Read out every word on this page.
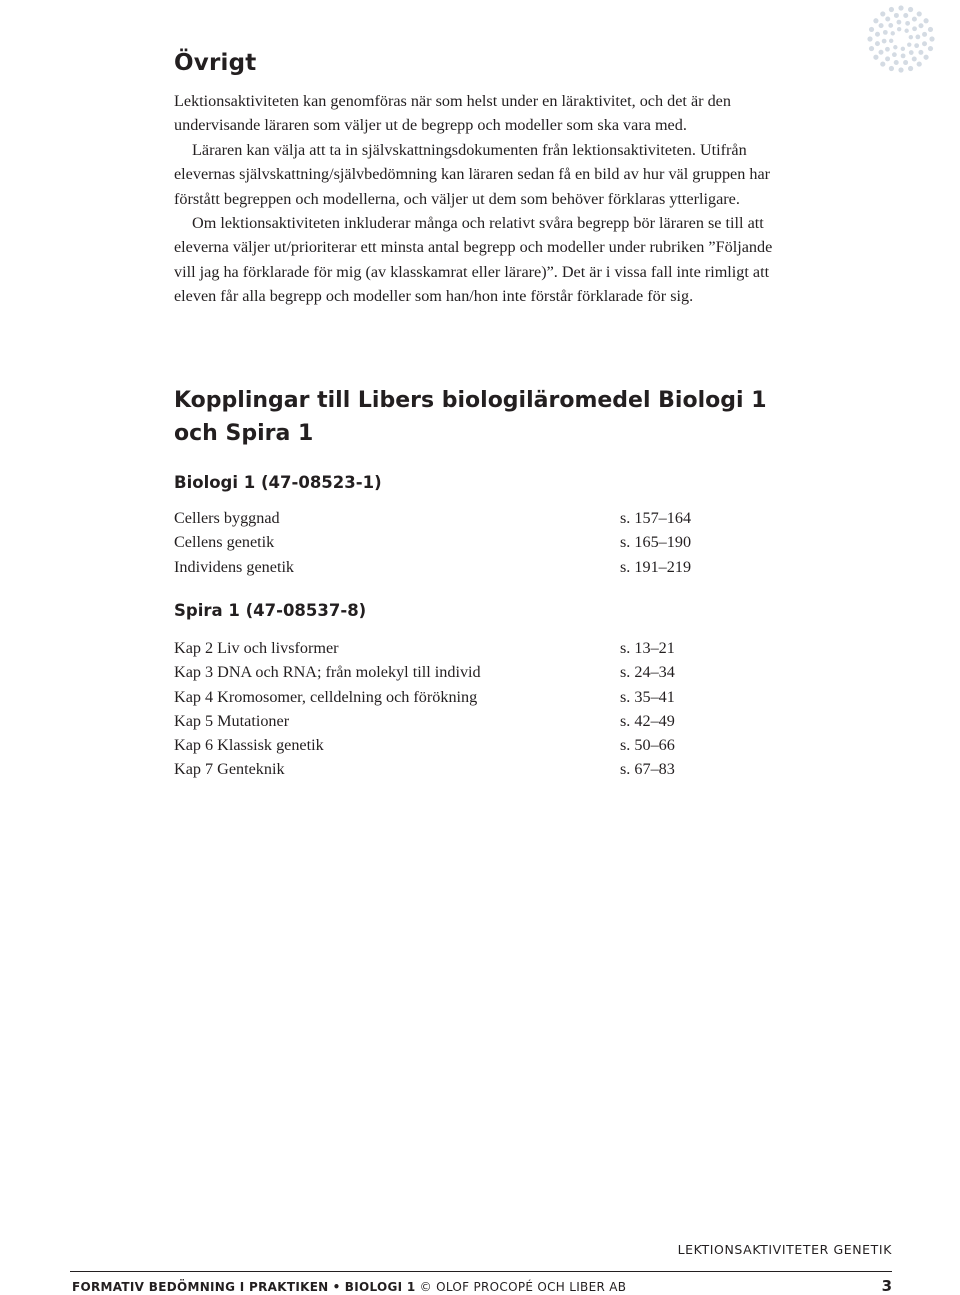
Övrigt

Lektionsaktiviteten kan genomföras när som helst under en läraktivitet, och det är den undervisande läraren som väljer ut de begrepp och modeller som ska vara med.

Läraren kan välja att ta in självskattningsdokumenten från lektionsaktiviteten. Utifrån elevernas självskattning/självbedömning kan läraren sedan få en bild av hur väl gruppen har förstått begreppen och modellerna, och väljer ut dem som behöver förklaras ytterligare.

Om lektionsaktiviteten inkluderar många och relativt svåra begrepp bör läraren se till att eleverna väljer ut/prioriterar ett minsta antal begrepp och modeller under rubriken ”Följande vill jag ha förklarade för mig (av klasskamrat eller lärare)”. Det är i vissa fall inte rimligt att eleven får alla begrepp och modeller som han/hon inte förstår förklarade för sig.

Kopplingar till Libers biologiläromedel Biologi 1 och Spira 1
Biologi 1 (47-08523-1)
Cellers byggnad	s. 157–164
Cellens genetik	s. 165–190
Individens genetik	s. 191–219
Spira 1 (47-08537-8)
Kap 2 Liv och livsformer	s. 13–21
Kap 3 DNA och RNA; från molekyl till individ	s. 24–34
Kap 4 Kromosomer, celldelning och förökning	s. 35–41
Kap 5 Mutationer	s. 42–49
Kap 6 Klassisk genetik	s. 50–66
Kap 7 Genteknik	s. 67–83
LEKTIONSAKTIVITETER GENETIK
FORMATIV BEDÖMNING I PRAKTIKEN • BIOLOGI 1 © OLOF PROCOPÉ OCH LIBER AB	3
